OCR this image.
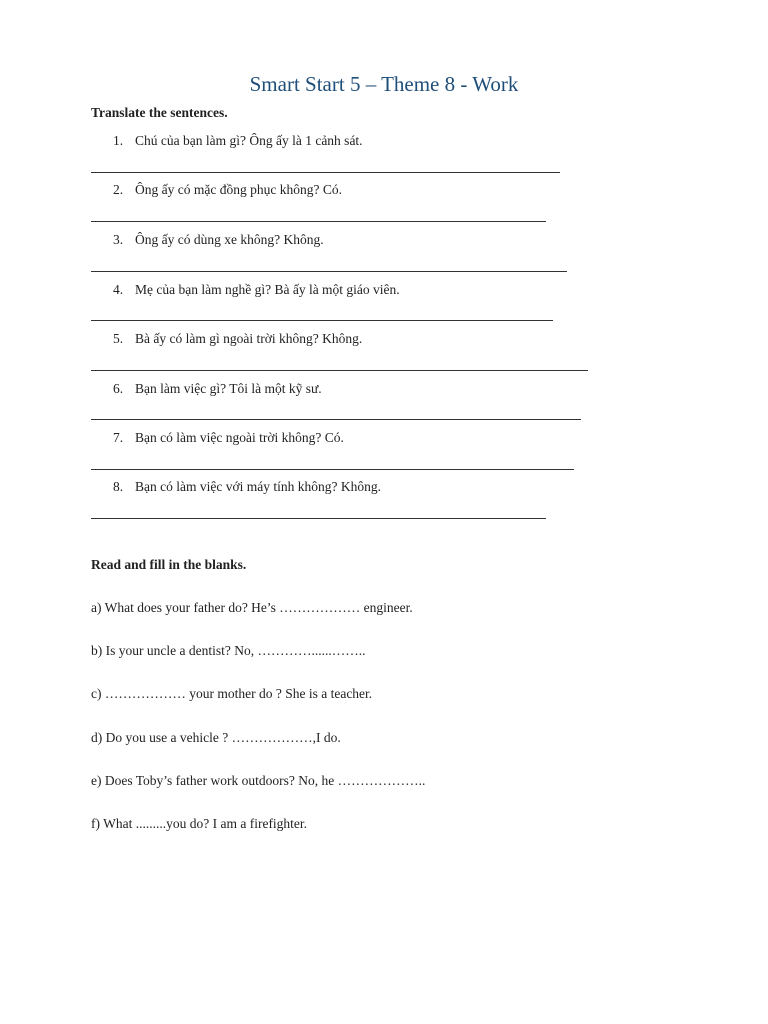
Smart Start 5 – Theme 8 - Work
Translate the sentences.
1. Chú của bạn làm gì? Ông ấy là 1 cảnh sát.
2. Ông ấy có mặc đồng phục không? Có.
3. Ông ấy có dùng xe không? Không.
4. Mẹ của bạn làm nghề gì? Bà ấy là một giáo viên.
5. Bà ấy có làm gì ngoài trời không? Không.
6. Bạn làm việc gì? Tôi là một kỹ sư.
7. Bạn có làm việc ngoài trời không? Có.
8. Bạn có làm việc với máy tính không? Không.
Read and fill in the blanks.
a) What does your father do? He’s ……………… engineer.
b) Is your uncle a dentist? No, …………......……..
c) ……………… your mother do ? She is a teacher.
d) Do you use a vehicle ? ………………,I do.
e) Does Toby’s father work outdoors? No, he ………………..
f) What .........you do? I am a firefighter.
